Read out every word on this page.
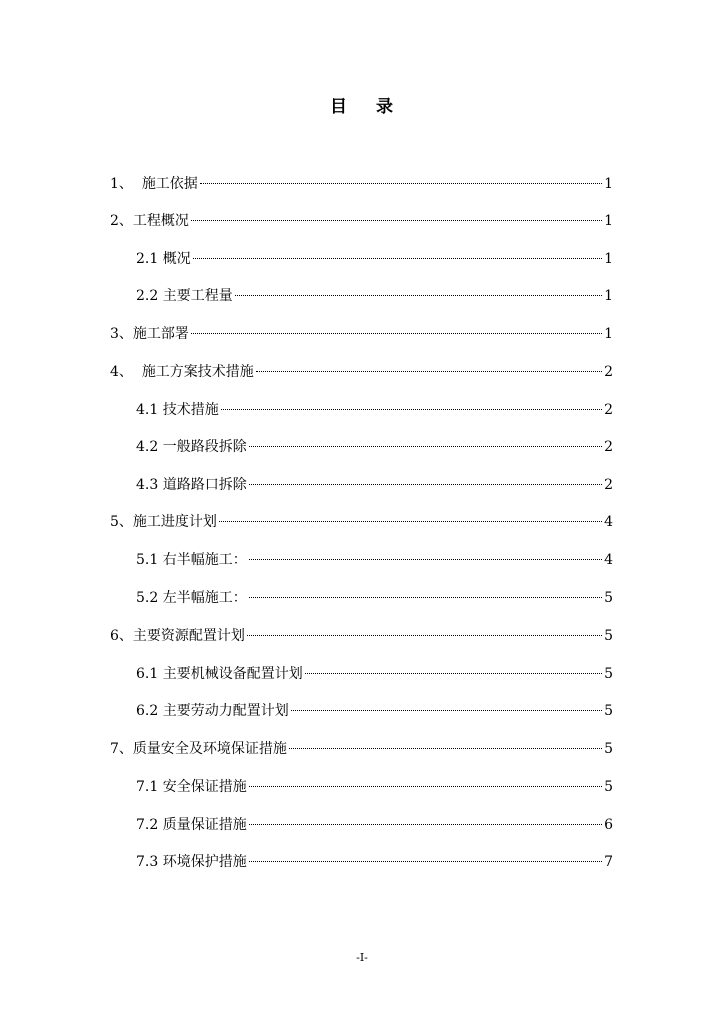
目 录
1、 施工依据	1
2、 工程概况	1
2.1 概况	1
2.2 主要工程量	1
3、 施工部署	1
4、 施工方案技术措施	2
4.1 技术措施	2
4.2 一般路段拆除	2
4.3 道路路口拆除	2
5、 施工进度计划	4
5.1 右半幅施工：	4
5.2 左半幅施工：	5
6、 主要资源配置计划	5
6.1 主要机械设备配置计划	5
6.2 主要劳动力配置计划	5
7、 质量安全及环境保证措施	5
7.1 安全保证措施	5
7.2 质量保证措施	6
7.3 环境保护措施	7
-I-
